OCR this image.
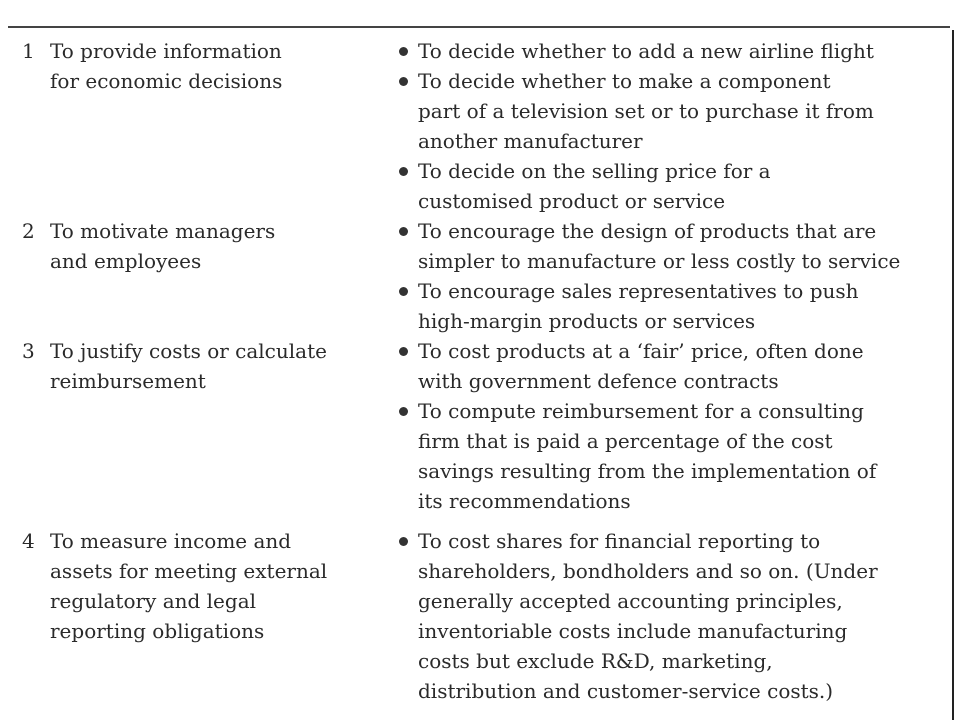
1 To provide information
for economic decisions
To decide whether to add a new airline flight
To decide whether to make a component
part of a television set or to purchase it from
another manufacturer
To decide on the selling price for a
customised product or service
2 To motivate managers
and employees
To encourage the design of products that are
simpler to manufacture or less costly to service
To encourage sales representatives to push
high-margin products or services
3 To justify costs or calculate
reimbursement
To cost products at a ‘fair’ price, often done
with government defence contracts
To compute reimbursement for a consulting
firm that is paid a percentage of the cost
savings resulting from the implementation of
its recommendations
4 To measure income and
assets for meeting external
regulatory and legal
reporting obligations
To cost shares for financial reporting to
shareholders, bondholders and so on. (Under
generally accepted accounting principles,
inventoriable costs include manufacturing
costs but exclude R&D, marketing,
distribution and customer-service costs.)
